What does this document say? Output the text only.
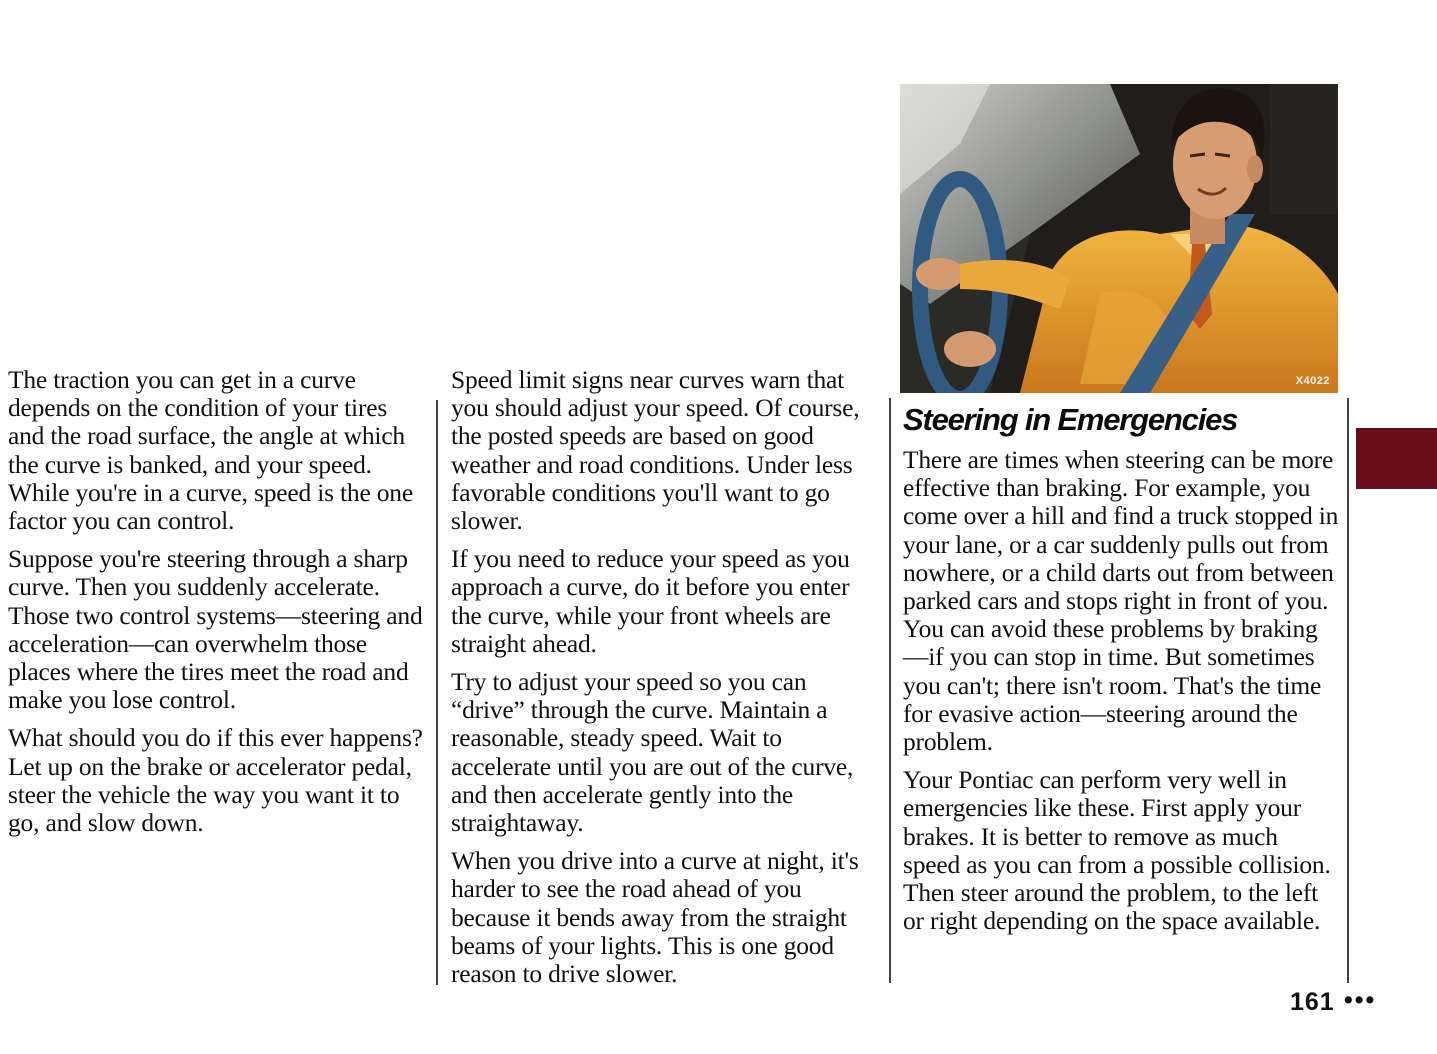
The traction you can get in a curve depends on the condition of your tires and the road surface, the angle at which the curve is banked, and your speed. While you're in a curve, speed is the one factor you can control.

Suppose you're steering through a sharp curve. Then you suddenly accelerate. Those two control systems—steering and acceleration—can overwhelm those places where the tires meet the road and make you lose control.

What should you do if this ever happens? Let up on the brake or accelerator pedal, steer the vehicle the way you want it to go, and slow down.

Speed limit signs near curves warn that you should adjust your speed. Of course, the posted speeds are based on good weather and road conditions. Under less favorable conditions you'll want to go slower.

If you need to reduce your speed as you approach a curve, do it before you enter the curve, while your front wheels are straight ahead.

Try to adjust your speed so you can “drive” through the curve. Maintain a reasonable, steady speed. Wait to accelerate until you are out of the curve, and then accelerate gently into the straightaway.

When you drive into a curve at night, it's harder to see the road ahead of you because it bends away from the straight beams of your lights. This is one good reason to drive slower.

X4022
Steering in Emergencies

There are times when steering can be more effective than braking. For example, you come over a hill and find a truck stopped in your lane, or a car suddenly pulls out from nowhere, or a child darts out from between parked cars and stops right in front of you. You can avoid these problems by braking—if you can stop in time. But sometimes you can't; there isn't room. That's the time for evasive action—steering around the problem.

Your Pontiac can perform very well in emergencies like these. First apply your brakes. It is better to remove as much speed as you can from a possible collision. Then steer around the problem, to the left or right depending on the space available.

161 •••
